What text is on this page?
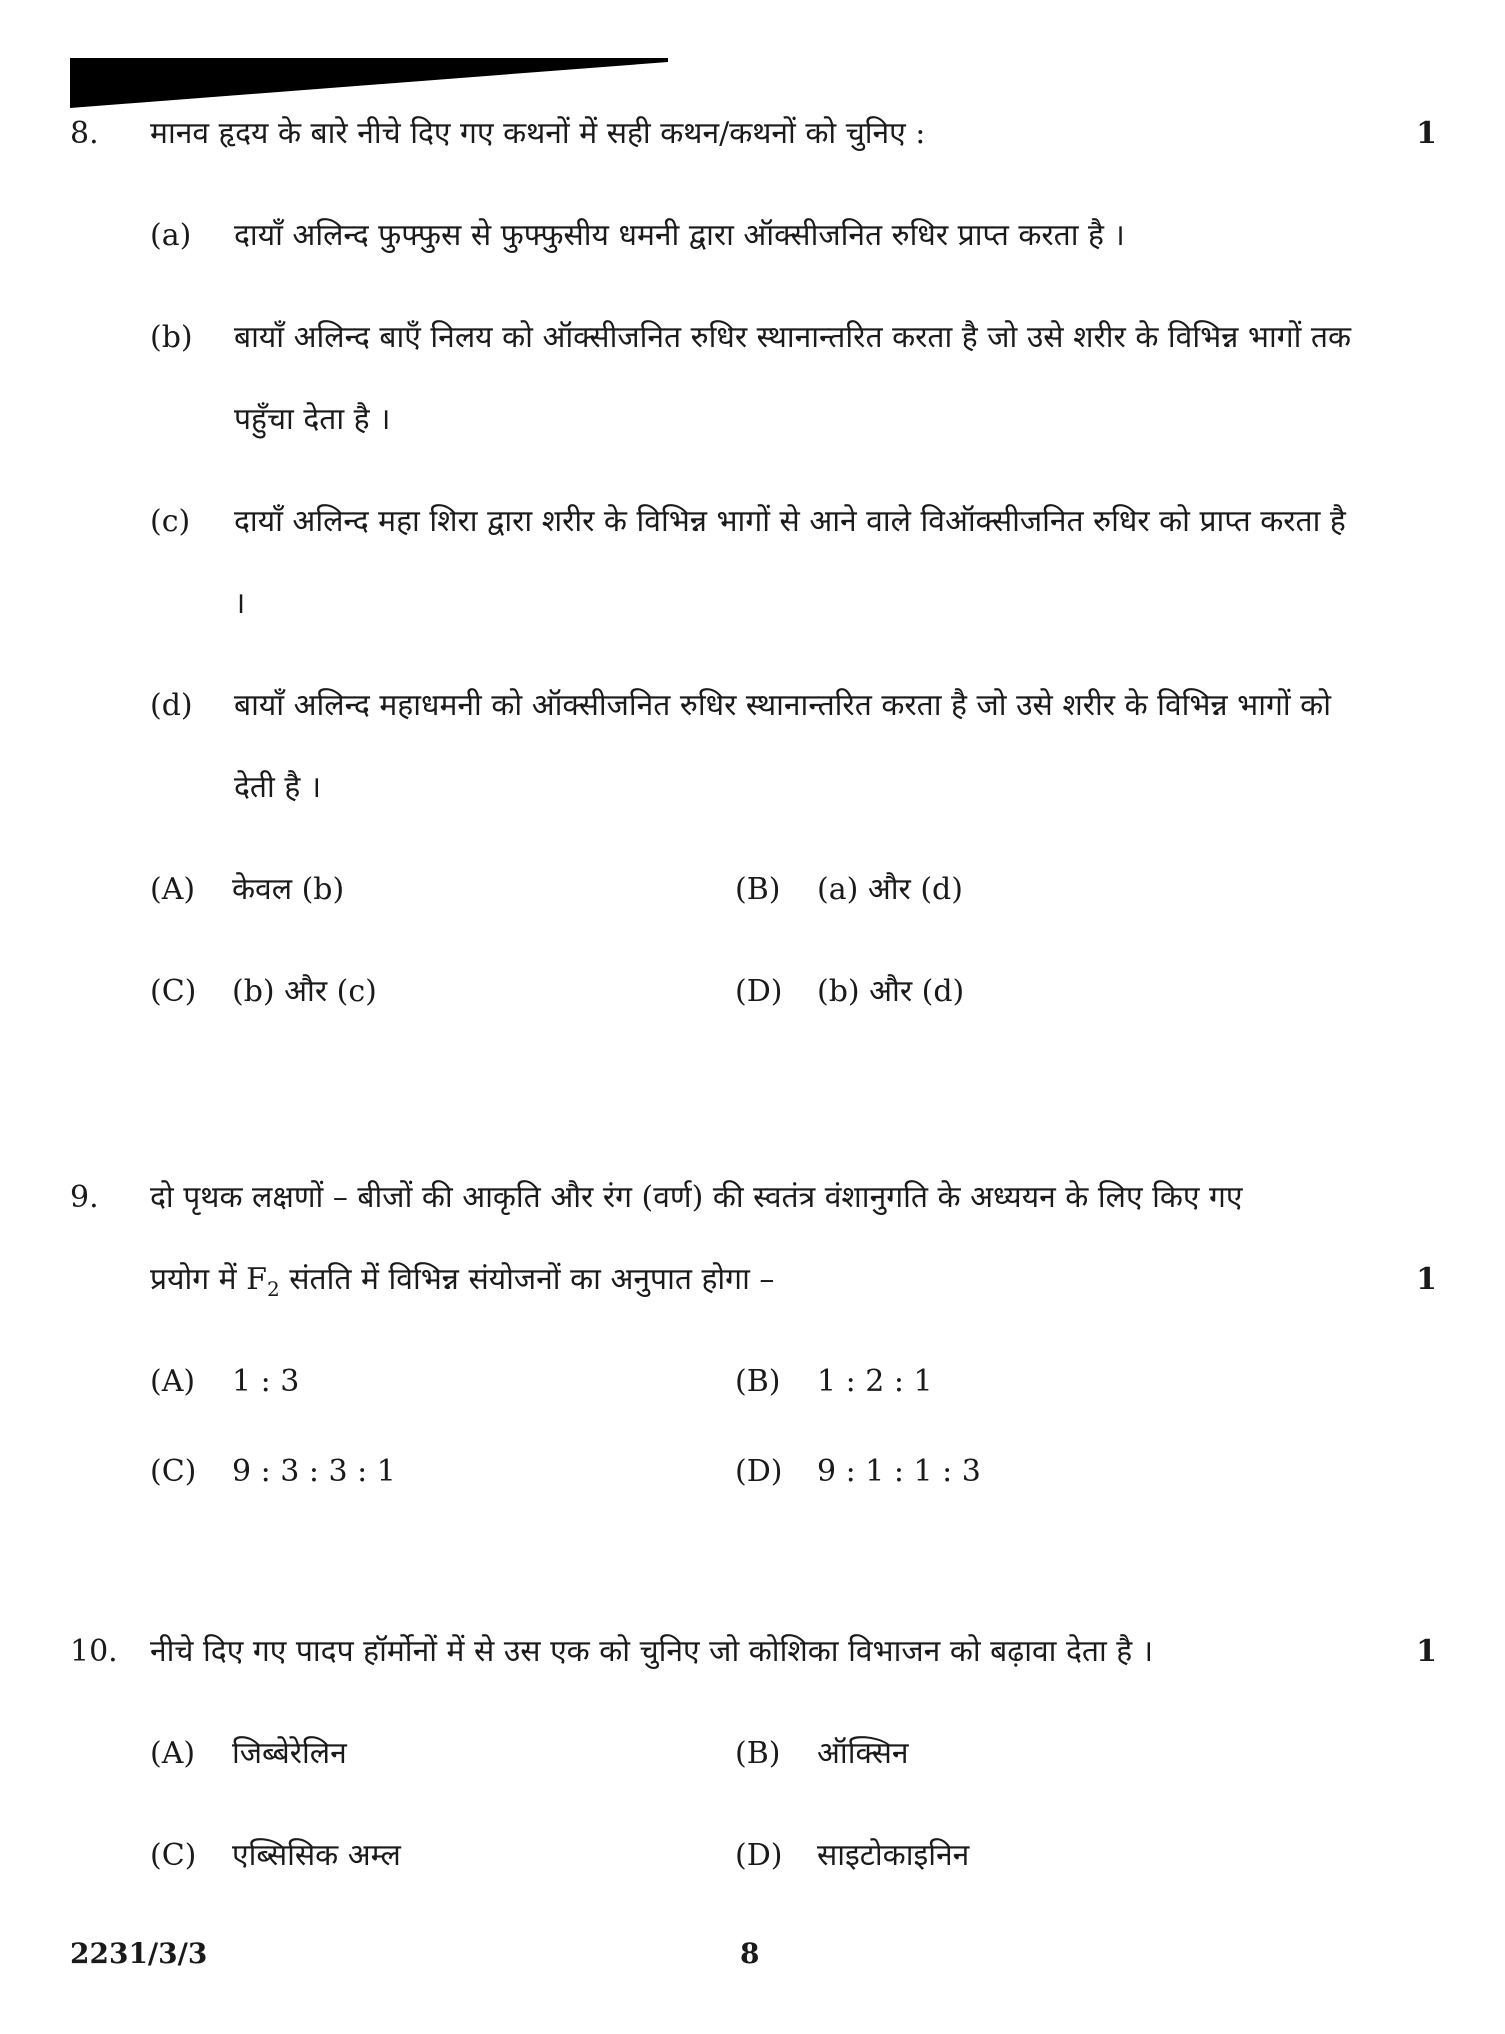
8. मानव हृदय के बारे नीचे दिए गए कथनों में सही कथन/कथनों को चुनिए :	1
(a) दायाँ अलिन्द फुफ्फुस से फुफ्फुसीय धमनी द्वारा ऑक्सीजनित रुधिर प्राप्त करता है ।
(b) बायाँ अलिन्द बाएँ निलय को ऑक्सीजनित रुधिर स्थानान्तरित करता है जो उसे शरीर के विभिन्न भागों तक पहुँचा देता है ।
(c) दायाँ अलिन्द महा शिरा द्वारा शरीर के विभिन्न भागों से आने वाले विऑक्सीजनित रुधिर को प्राप्त करता है ।
(d) बायाँ अलिन्द महाधमनी को ऑक्सीजनित रुधिर स्थानान्तरित करता है जो उसे शरीर के विभिन्न भागों को देती है ।
(A) केवल (b)	(B) (a) और (d)
(C) (b) और (c)	(D) (b) और (d)
9. दो पृथक लक्षणों – बीजों की आकृति और रंग (वर्ण) की स्वतंत्र वंशानुगति के अध्ययन के लिए किए गए
प्रयोग में $F_2$ संतति में विभिन्न संयोजनों का अनुपात होगा –	1
(A) 1 : 3	(B) 1 : 2 : 1
(C) 9 : 3 : 3 : 1	(D) 9 : 1 : 1 : 3
10. नीचे दिए गए पादप हॉर्मोनों में से उस एक को चुनिए जो कोशिका विभाजन को बढ़ावा देता है ।	1
(A) जिब्बेरेलिन	(B) ऑक्सिन
(C) एब्सिसिक अम्ल	(D) साइटोकाइनिन
2231/3/3	8
